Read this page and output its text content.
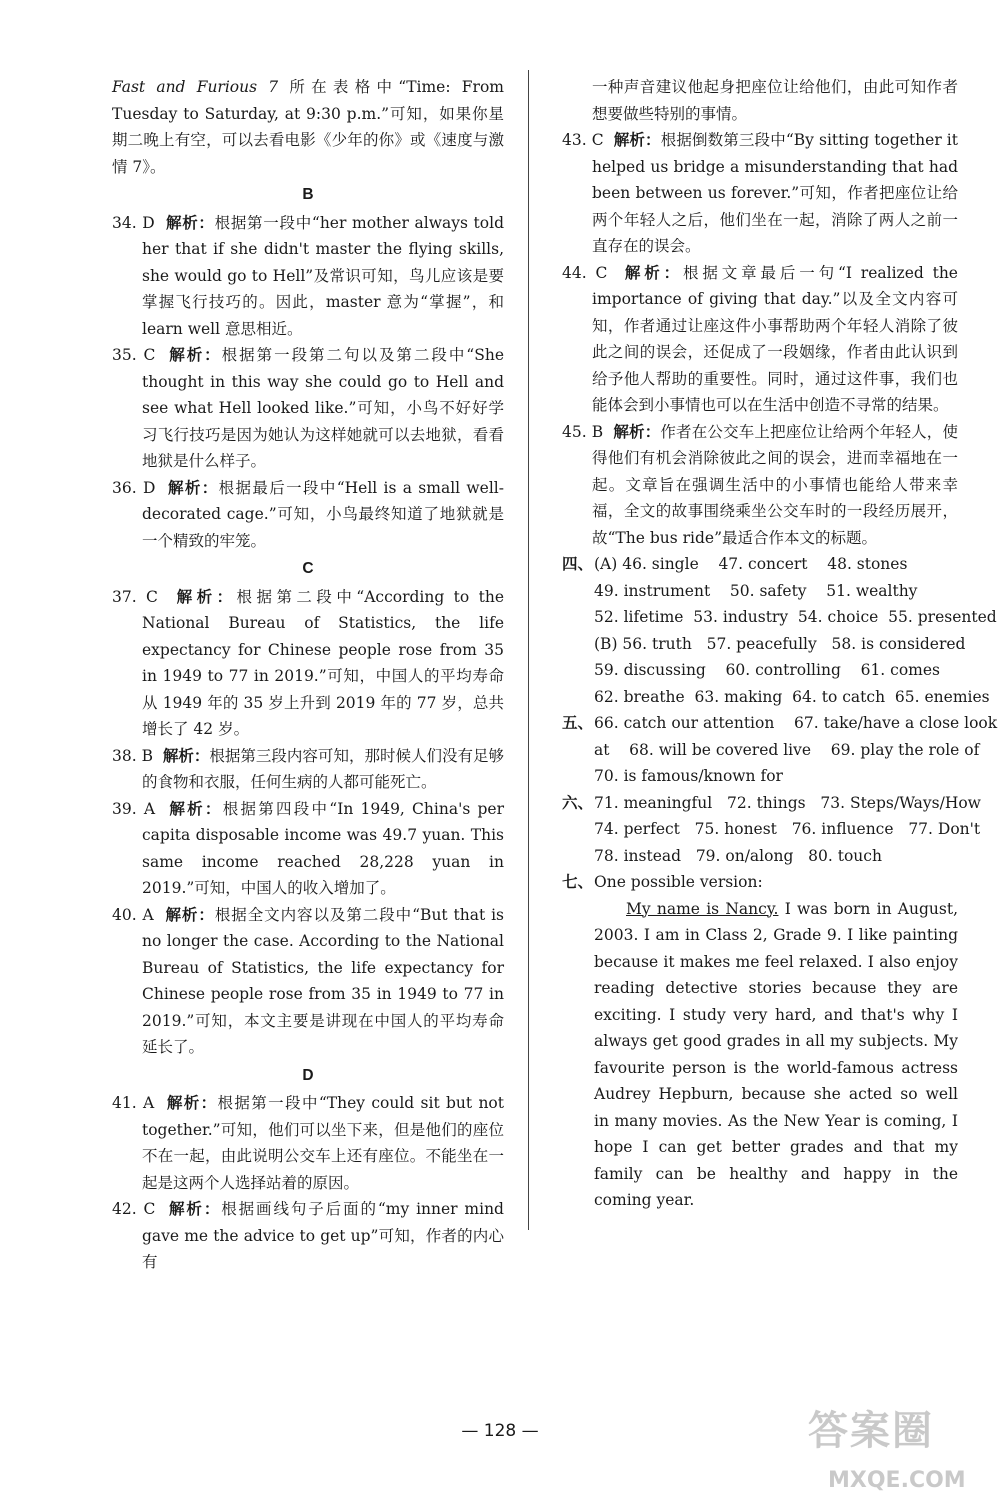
Fast and Furious 7 所在表格中“Time: From Tuesday to Saturday, at 9:30 p.m.”可知，如果你星期二晚上有空，可以去看电影《少年的你》或《速度与激情 7》。

B

34. D 解析：根据第一段中“her mother always told her that if she didn't master the flying skills, she would go to Hell”及常识可知，鸟儿应该是要掌握飞行技巧的。因此，master 意为“掌握”，和 learn well 意思相近。

35. C 解析：根据第一段第二句以及第二段中“She thought in this way she could go to Hell and see what Hell looked like.”可知，小鸟不好好学习飞行技巧是因为她认为这样她就可以去地狱，看看地狱是什么样子。

36. D 解析：根据最后一段中“Hell is a small well-decorated cage.”可知，小鸟最终知道了地狱就是一个精致的牢笼。

C

37. C 解析：根据第二段中“According to the National Bureau of Statistics, the life expectancy for Chinese people rose from 35 in 1949 to 77 in 2019.”可知，中国人的平均寿命从 1949 年的 35 岁上升到 2019 年的 77 岁，总共增长了 42 岁。

38. B 解析：根据第三段内容可知，那时候人们没有足够的食物和衣服，任何生病的人都可能死亡。

39. A 解析：根据第四段中“In 1949, China's per capita disposable income was 49.7 yuan. This same income reached 28,228 yuan in 2019.”可知，中国人的收入增加了。

40. A 解析：根据全文内容以及第二段中“But that is no longer the case. According to the National Bureau of Statistics, the life expectancy for Chinese people rose from 35 in 1949 to 77 in 2019.”可知，本文主要是讲现在中国人的平均寿命延长了。

D

41. A 解析：根据第一段中“They could sit but not together.”可知，他们可以坐下来，但是他们的座位不在一起，由此说明公交车上还有座位。不能坐在一起是这两个人选择站着的原因。

42. C 解析：根据画线句子后面的“my inner mind gave me the advice to get up”可知，作者的内心有

一种声音建议他起身把座位让给他们，由此可知作者想要做些特别的事情。

43. C 解析：根据倒数第三段中“By sitting together it helped us bridge a misunderstanding that had been between us forever.”可知，作者把座位让给两个年轻人之后，他们坐在一起，消除了两人之前一直存在的误会。

44. C 解析：根据文章最后一句“I realized the importance of giving that day.”以及全文内容可知，作者通过让座这件小事帮助两个年轻人消除了彼此之间的误会，还促成了一段姻缘，作者由此认识到给予他人帮助的重要性。同时，通过这件事，我们也能体会到小事情也可以在生活中创造不寻常的结果。

45. B 解析：作者在公交车上把座位让给两个年轻人，使得他们有机会消除彼此之间的误会，进而幸福地在一起。文章旨在强调生活中的小事情也能给人带来幸福，全文的故事围绕乘坐公交车时的一段经历展开，故“The bus ride”最适合作本文的标题。

四、 (A) 46. single    47. concert    48. stones
49. instrument    50. safety    51. wealthy
52. lifetime  53. industry  54. choice  55. presented
(B) 56. truth   57. peacefully   58. is considered
59. discussing    60. controlling    61. comes
62. breathe  63. making  64. to catch  65. enemies
五、 66. catch our attention    67. take/have a close look
at    68. will be covered live    69. play the role of
70. is famous/known for
六、 71. meaningful   72. things   73. Steps/Ways/How
74. perfect   75. honest   76. influence   77. Don't
78. instead   79. on/along   80. touch
七、 One possible version:

My name is Nancy. I was born in August, 2003. I am in Class 2, Grade 9. I like painting because it makes me feel relaxed. I also enjoy reading detective stories because they are exciting. I study very hard, and that's why I always get good grades in all my subjects. My favourite person is the world-famous actress Audrey Hepburn, because she acted so well in many movies. As the New Year is coming, I hope I can get better grades and that my family can be healthy and happy in the coming year.

— 128 —	答案圈
MXQE.COM
